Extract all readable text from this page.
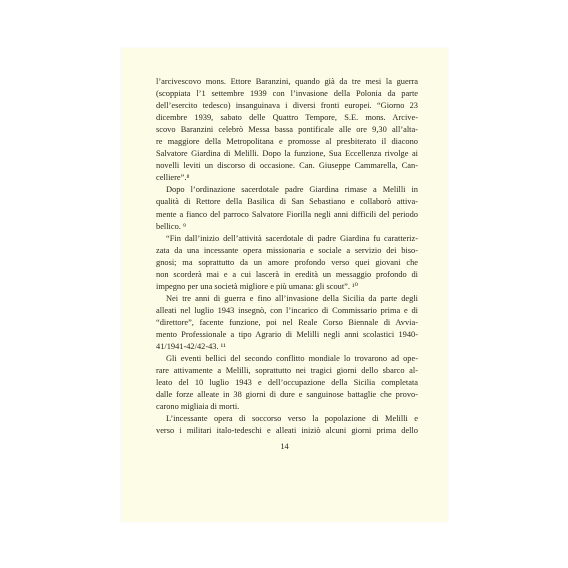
l’arcivescovo mons. Ettore Baranzini, quando già da tre mesi la guerra
(scoppiata l’1 settembre 1939 con l’invasione della Polonia da parte
dell’esercito tedesco) insanguinava i diversi fronti europei. “Giorno 23
dicembre 1939, sabato delle Quattro Tempore, S.E. mons. Arcive-
scovo Baranzini celebrò Messa bassa pontificale alle ore 9,30 all’alta-
re maggiore della Metropolitana e promosse al presbiterato il diacono
Salvatore Giardina di Melilli. Dopo la funzione, Sua Eccellenza rivolge ai
novelli leviti un discorso di occasione. Can. Giuseppe Cammarella, Can-
celliere”.⁸
Dopo l’ordinazione sacerdotale padre Giardina rimase a Melilli in
qualità di Rettore della Basilica di San Sebastiano e collaborò attiva-
mente a fianco del parroco Salvatore Fiorilla negli anni difficili del periodo
bellico. ⁹
“Fin dall’inizio dell’attività sacerdotale di padre Giardina fu caratteriz-
zata da una incessante opera missionaria e sociale a servizio dei biso-
gnosi; ma soprattutto da un amore profondo verso quei giovani che
non scorderà mai e a cui lascerà in eredità un messaggio profondo di
impegno per una società migliore e più umana: gli scout”. ¹⁰
Nei tre anni di guerra e fino all’invasione della Sicilia da parte degli
alleati nel luglio 1943 insegnò, con l’incarico di Commissario prima e di
“direttore”, facente funzione, poi nel Reale Corso Biennale di Avvia-
mento Professionale a tipo Agrario di Melilli negli anni scolastici 1940-
41/1941-42/42-43. ¹¹
Gli eventi bellici del secondo conflitto mondiale lo trovarono ad ope-
rare attivamente a Melilli, soprattutto nei tragici giorni dello sbarco al-
leato del 10 luglio 1943 e dell’occupazione della Sicilia completata
dalle forze alleate in 38 giorni di dure e sanguinose battaglie che provo-
carono migliaia di morti.
L’incessante opera di soccorso verso la popolazione di Melilli e
verso i militari italo-tedeschi e alleati iniziò alcuni giorni prima dello
14
